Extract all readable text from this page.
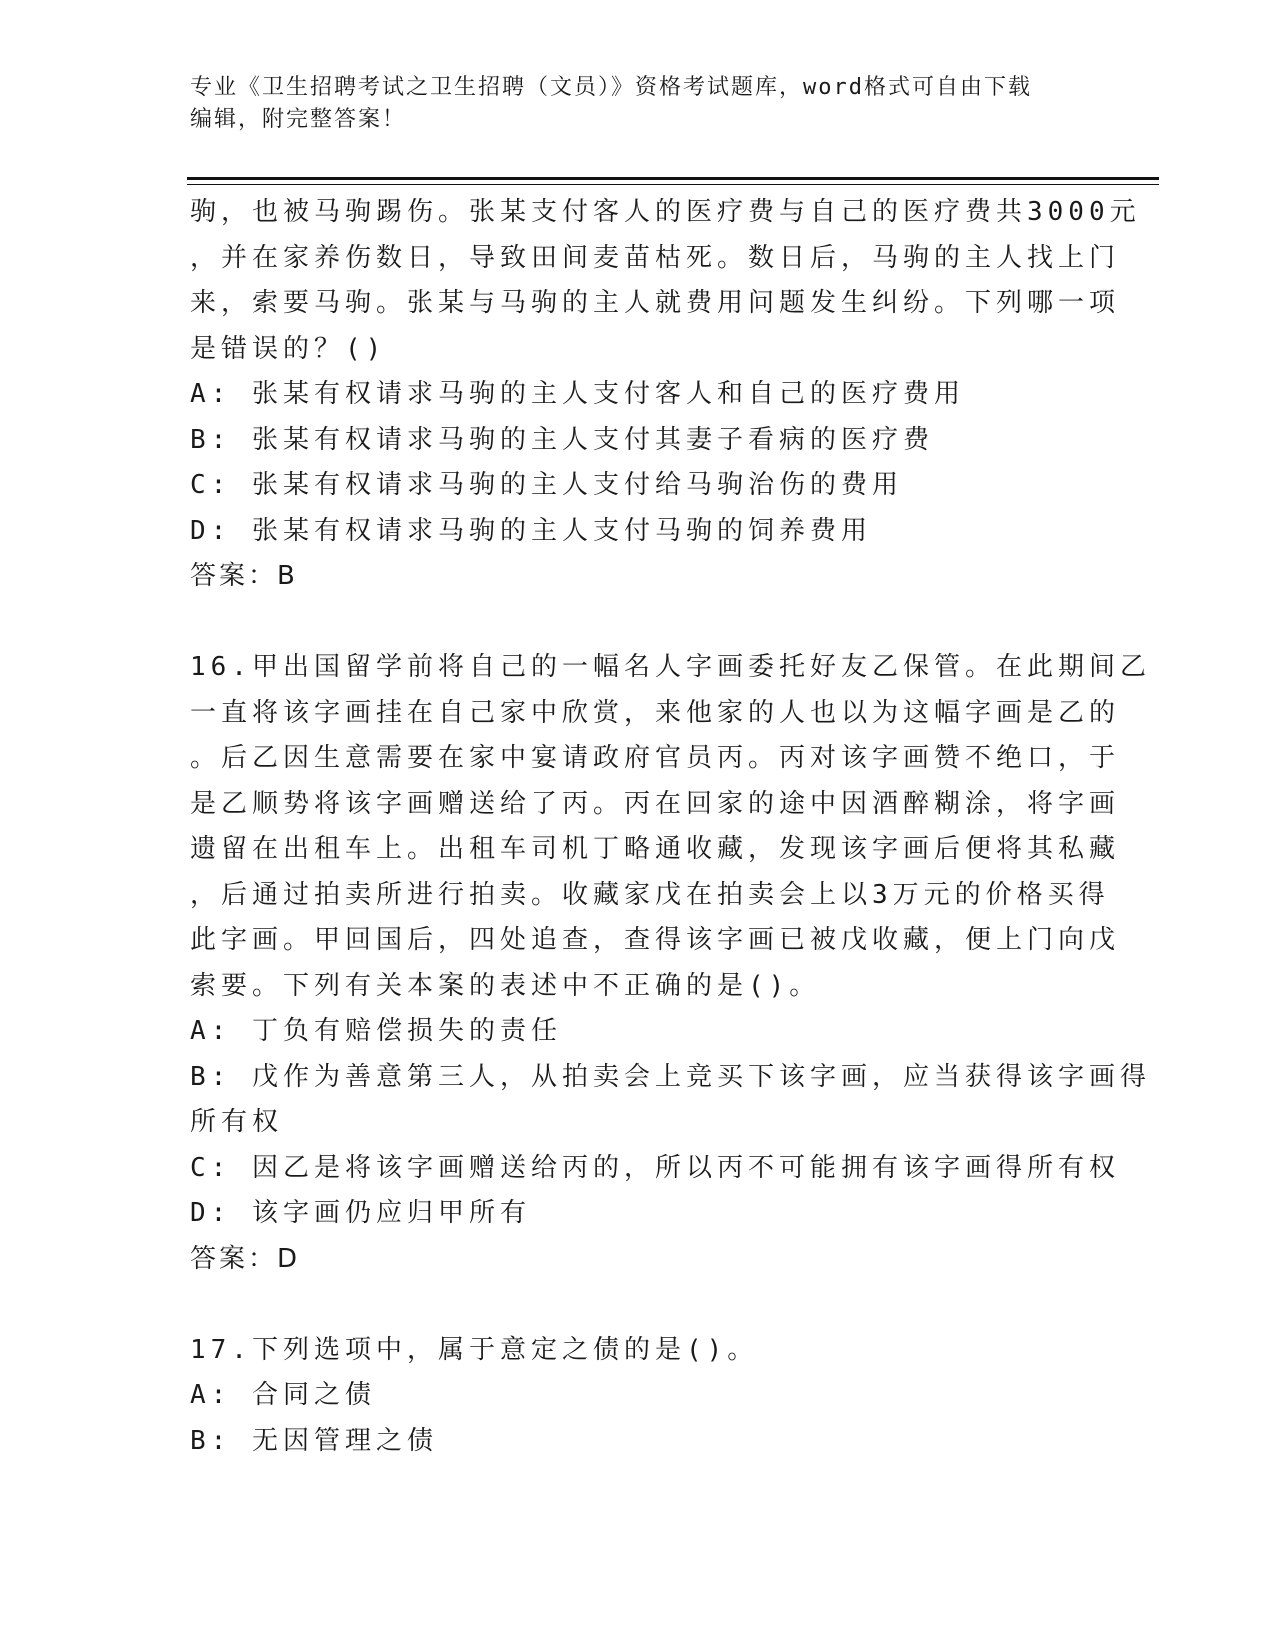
专业《卫生招聘考试之卫生招聘（文员）》资格考试题库，word格式可自由下载
编辑，附完整答案！
驹，也被马驹踢伤。张某支付客人的医疗费与自己的医疗费共3000元
，并在家养伤数日，导致田间麦苗枯死。数日后，马驹的主人找上门
来，索要马驹。张某与马驹的主人就费用问题发生纠纷。下列哪一项
是错误的？()
A: 张某有权请求马驹的主人支付客人和自己的医疗费用
B: 张某有权请求马驹的主人支付其妻子看病的医疗费
C: 张某有权请求马驹的主人支付给马驹治伤的费用
D: 张某有权请求马驹的主人支付马驹的饲养费用
答案：B
16.甲出国留学前将自己的一幅名人字画委托好友乙保管。在此期间乙
一直将该字画挂在自己家中欣赏，来他家的人也以为这幅字画是乙的
。后乙因生意需要在家中宴请政府官员丙。丙对该字画赞不绝口，于
是乙顺势将该字画赠送给了丙。丙在回家的途中因酒醉糊涂，将字画
遗留在出租车上。出租车司机丁略通收藏，发现该字画后便将其私藏
，后通过拍卖所进行拍卖。收藏家戊在拍卖会上以3万元的价格买得
此字画。甲回国后，四处追查，查得该字画已被戊收藏，便上门向戊
索要。下列有关本案的表述中不正确的是()。
A: 丁负有赔偿损失的责任
B: 戊作为善意第三人，从拍卖会上竞买下该字画，应当获得该字画得
所有权
C: 因乙是将该字画赠送给丙的，所以丙不可能拥有该字画得所有权
D: 该字画仍应归甲所有
答案：D
17.下列选项中，属于意定之债的是()。
A: 合同之债
B: 无因管理之债
